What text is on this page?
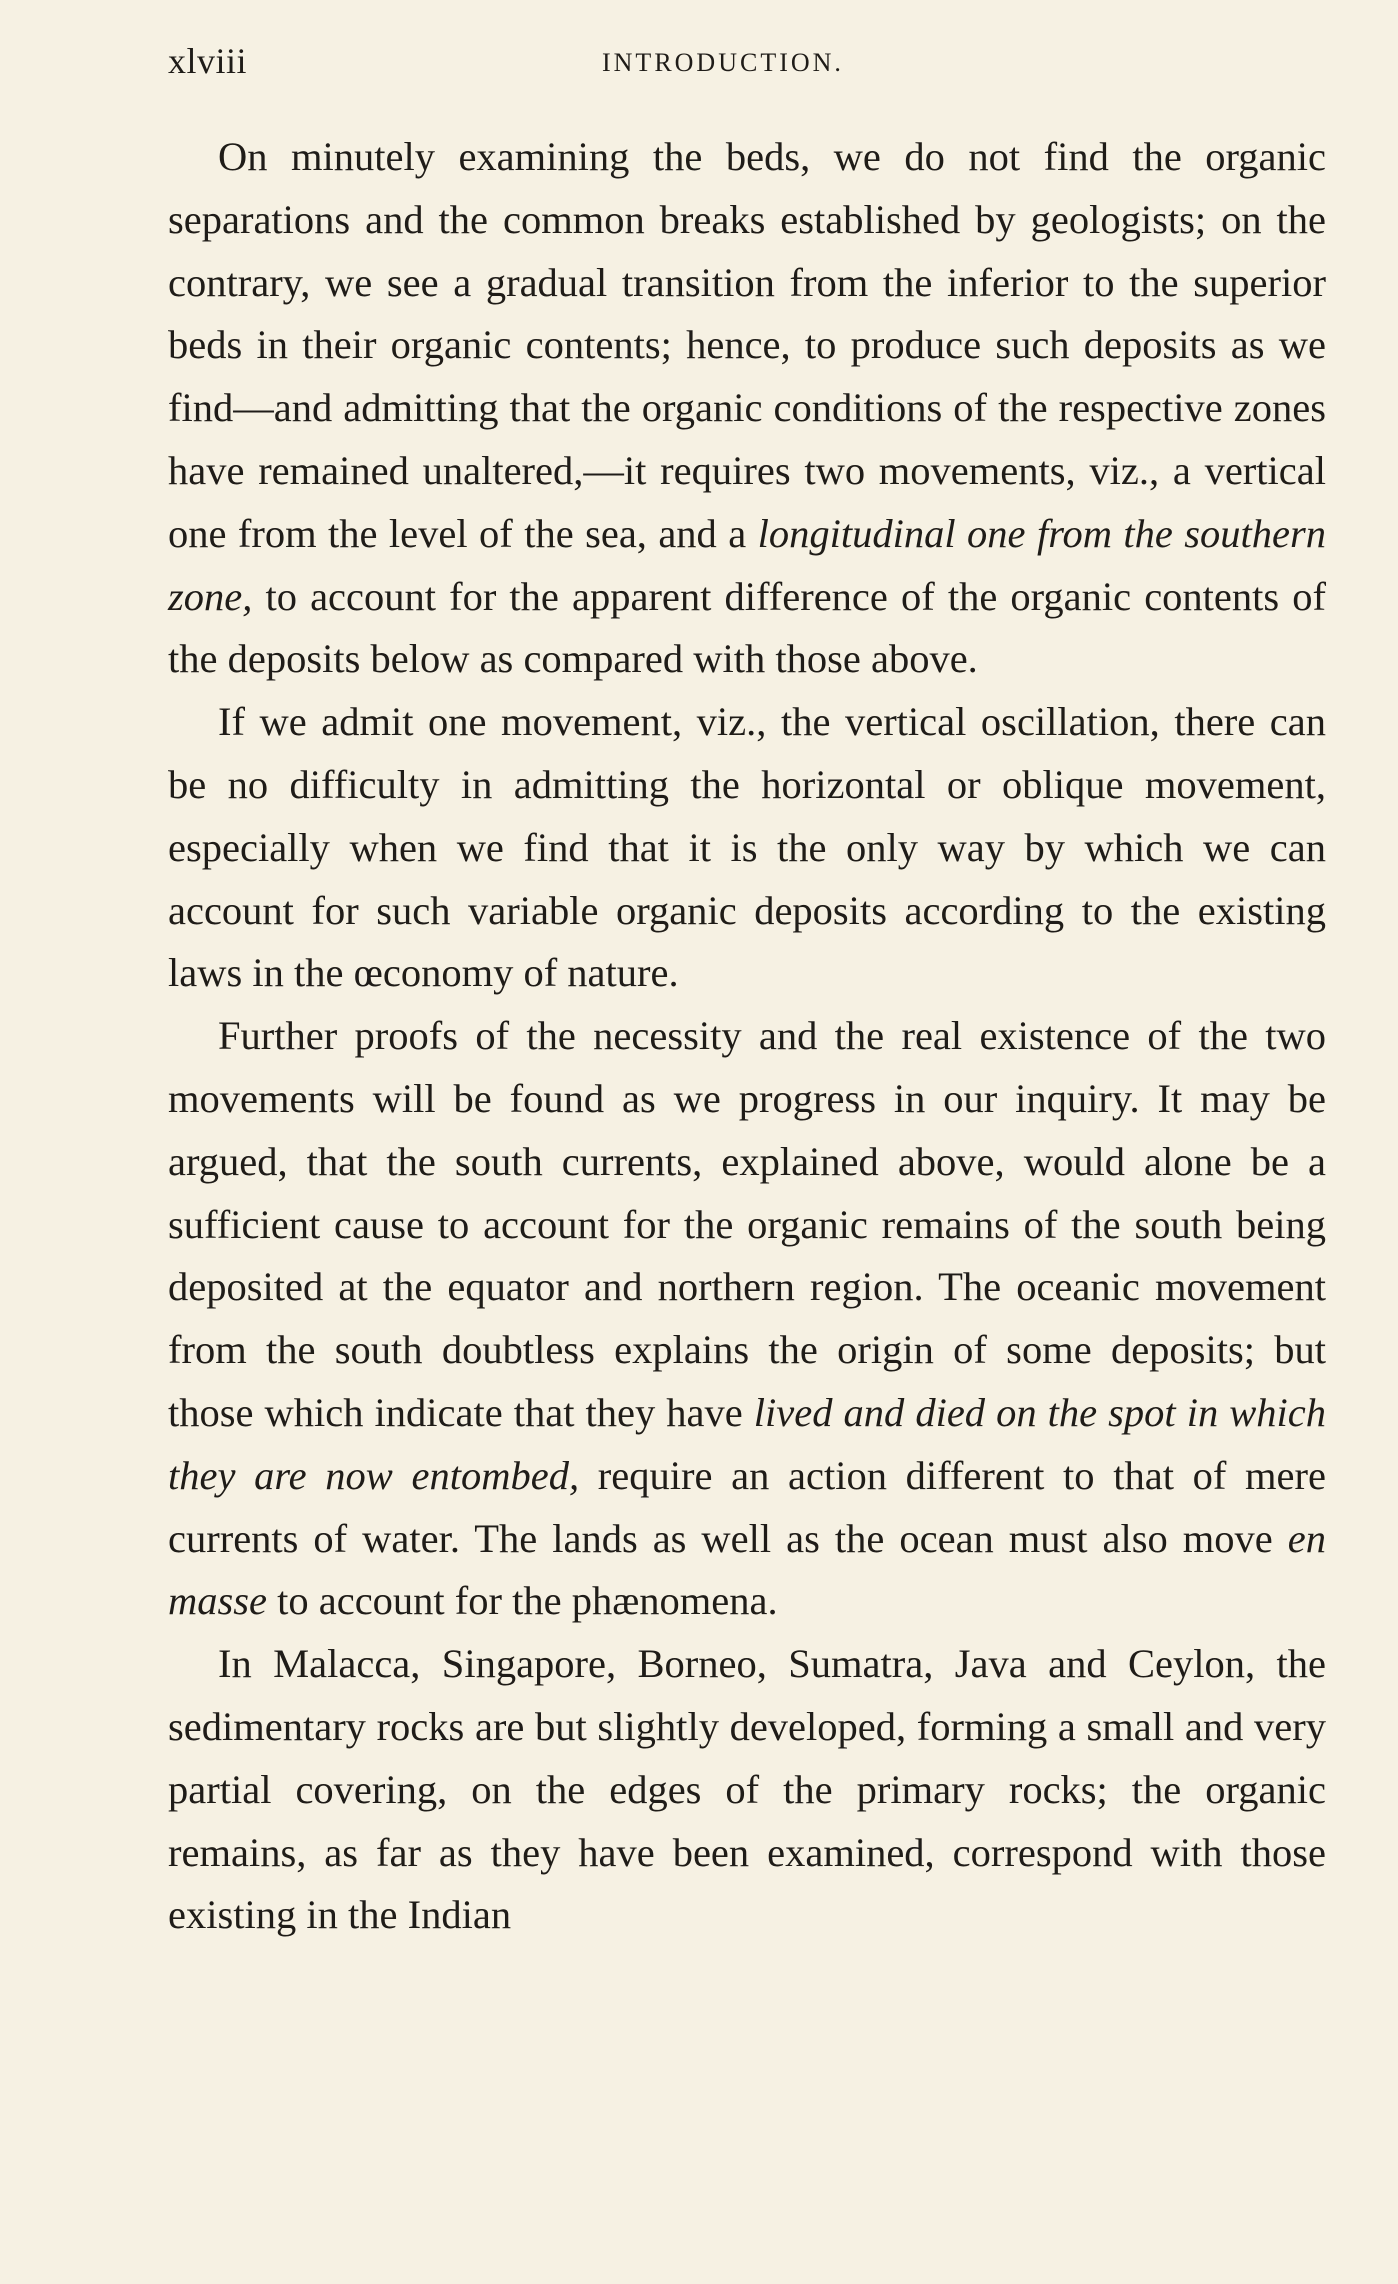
xlviii	INTRODUCTION.

On minutely examining the beds, we do not find the organic separations and the common breaks established by geologists; on the contrary, we see a gradual transition from the inferior to the superior beds in their organic contents; hence, to produce such deposits as we find—and admitting that the organic conditions of the respective zones have remained unaltered,—it requires two movements, viz., a vertical one from the level of the sea, and a longitudinal one from the southern zone, to account for the apparent difference of the organic contents of the deposits below as compared with those above.

If we admit one movement, viz., the vertical oscillation, there can be no difficulty in admitting the horizontal or oblique movement, especially when we find that it is the only way by which we can account for such variable organic deposits according to the existing laws in the œconomy of nature.

Further proofs of the necessity and the real existence of the two movements will be found as we progress in our inquiry. It may be argued, that the south currents, explained above, would alone be a sufficient cause to account for the organic remains of the south being deposited at the equator and northern region. The oceanic movement from the south doubtless explains the origin of some deposits; but those which indicate that they have lived and died on the spot in which they are now entombed, require an action different to that of mere currents of water. The lands as well as the ocean must also move en masse to account for the phænomena.

In Malacca, Singapore, Borneo, Sumatra, Java and Ceylon, the sedimentary rocks are but slightly developed, forming a small and very partial covering, on the edges of the primary rocks; the organic remains, as far as they have been examined, correspond with those existing in the Indian
